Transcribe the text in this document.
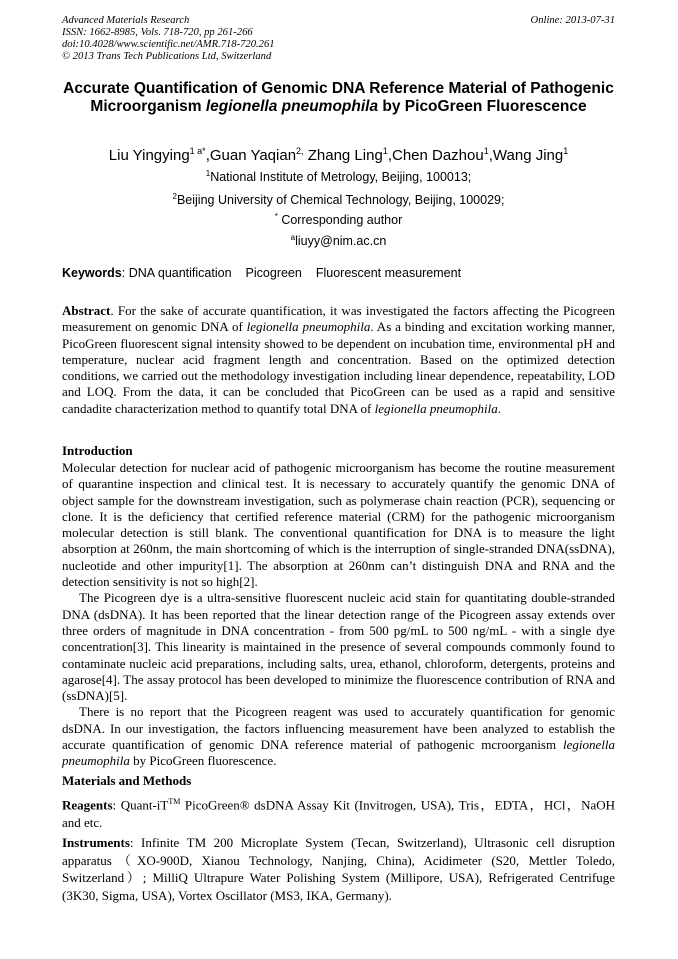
Advanced Materials Research
ISSN: 1662-8985, Vols. 718-720, pp 261-266
doi:10.4028/www.scientific.net/AMR.718-720.261
© 2013 Trans Tech Publications Ltd, Switzerland
Online: 2013-07-31
Accurate Quantification of Genomic DNA Reference Material of Pathogenic Microorganism legionella pneumophila by PicoGreen Fluorescence
Liu Yingying$^{1 a*}$,Guan Yaqian$^{2,}$ Zhang Ling$^1$,Chen Dazhou$^1$,Wang Jing$^1$
$^1$National Institute of Metrology, Beijing, 100013;
$^2$Beijing University of Chemical Technology, Beijing, 100029;
* Corresponding author
$^a$liuyy@nim.ac.cn
Keywords: DNA quantification Picogreen Fluorescent measurement

Abstract. For the sake of accurate quantification, it was investigated the factors affecting the Picogreen measurement on genomic DNA of legionella pneumophila. As a binding and excitation working manner, PicoGreen fluorescent signal intensity showed to be dependent on incubation time, environmental pH and temperature, nuclear acid fragment length and concentration. Based on the optimized detection conditions, we carried out the methodology investigation including linear dependence, repeatability, LOD and LOQ. From the data, it can be concluded that PicoGreen can be used as a rapid and sensitive candadite characterization method to quantify total DNA of legionella pneumophila.

Introduction

Molecular detection for nuclear acid of pathogenic microorganism has become the routine measurement of quarantine inspection and clinical test. It is necessary to accurately quantify the genomic DNA of object sample for the downstream investigation, such as polymerase chain reaction (PCR), sequencing or clone. It is the deficiency that certified reference material (CRM) for the pathogenic microorganism molecular detection is still blank. The conventional quantification for DNA is to measure the light absorption at 260nm, the main shortcoming of which is the interruption of single-stranded DNA(ssDNA), nucleotide and other impurity[1]. The absorption at 260nm can’t distinguish DNA and RNA and the detection sensitivity is not so high[2].

The Picogreen dye is a ultra-sensitive fluorescent nucleic acid stain for quantitating double-stranded DNA (dsDNA). It has been reported that the linear detection range of the Picogreen assay extends over three orders of magnitude in DNA concentration - from 500 pg/mL to 500 ng/mL - with a single dye concentration[3]. This linearity is maintained in the presence of several compounds commonly found to contaminate nucleic acid preparations, including salts, urea, ethanol, chloroform, detergents, proteins and agarose[4]. The assay protocol has been developed to minimize the fluorescence contribution of RNA and (ssDNA)[5].

There is no report that the Picogreen reagent was used to accurately quantification for genomic dsDNA. In our investigation, the factors influencing measurement have been analyzed to establish the accurate quantification of genomic DNA reference material of pathogenic mcroorganism legionella pneumophila by PicoGreen fluorescence.

Materials and Methods

Reagents: Quant-iT™ PicoGreen® dsDNA Assay Kit (Invitrogen, USA), Tris，EDTA，HCl，NaOH and etc.

Instruments: Infinite TM 200 Microplate System (Tecan, Switzerland), Ultrasonic cell disruption apparatus（XO-900D, Xianou Technology, Nanjing, China), Acidimeter (S20, Mettler Toledo, Switzerland）; MilliQ Ultrapure Water Polishing System (Millipore, USA), Refrigerated Centrifuge (3K30, Sigma, USA), Vortex Oscillator (MS3, IKA, Germany).
